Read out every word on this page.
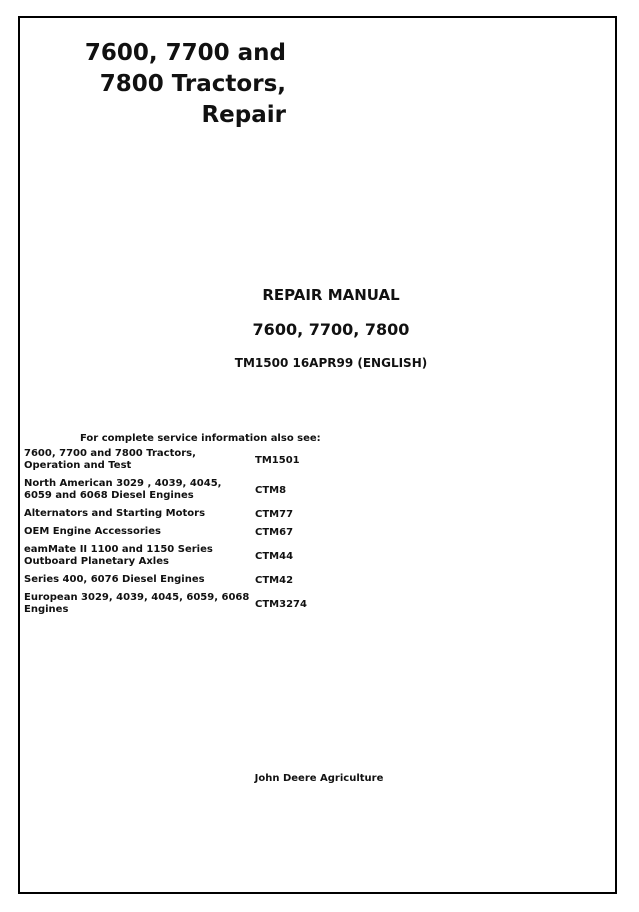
7600, 7700 and
7800 Tractors,
Repair
REPAIR MANUAL
7600, 7700, 7800
TM1500 16APR99 (ENGLISH)
For complete service information also see:
7600, 7700 and 7800 Tractors, Operation and Test	TM1501
North American 3029 , 4039, 4045, 6059 and 6068 Diesel Engines	CTM8
Alternators and Starting Motors	CTM77
OEM Engine Accessories	CTM67
eamMate II 1100 and 1150 Series Outboard Planetary Axles	CTM44
Series 400, 6076 Diesel Engines	CTM42
European 3029, 4039, 4045, 6059, 6068 Engines	CTM3274
John Deere Agriculture
